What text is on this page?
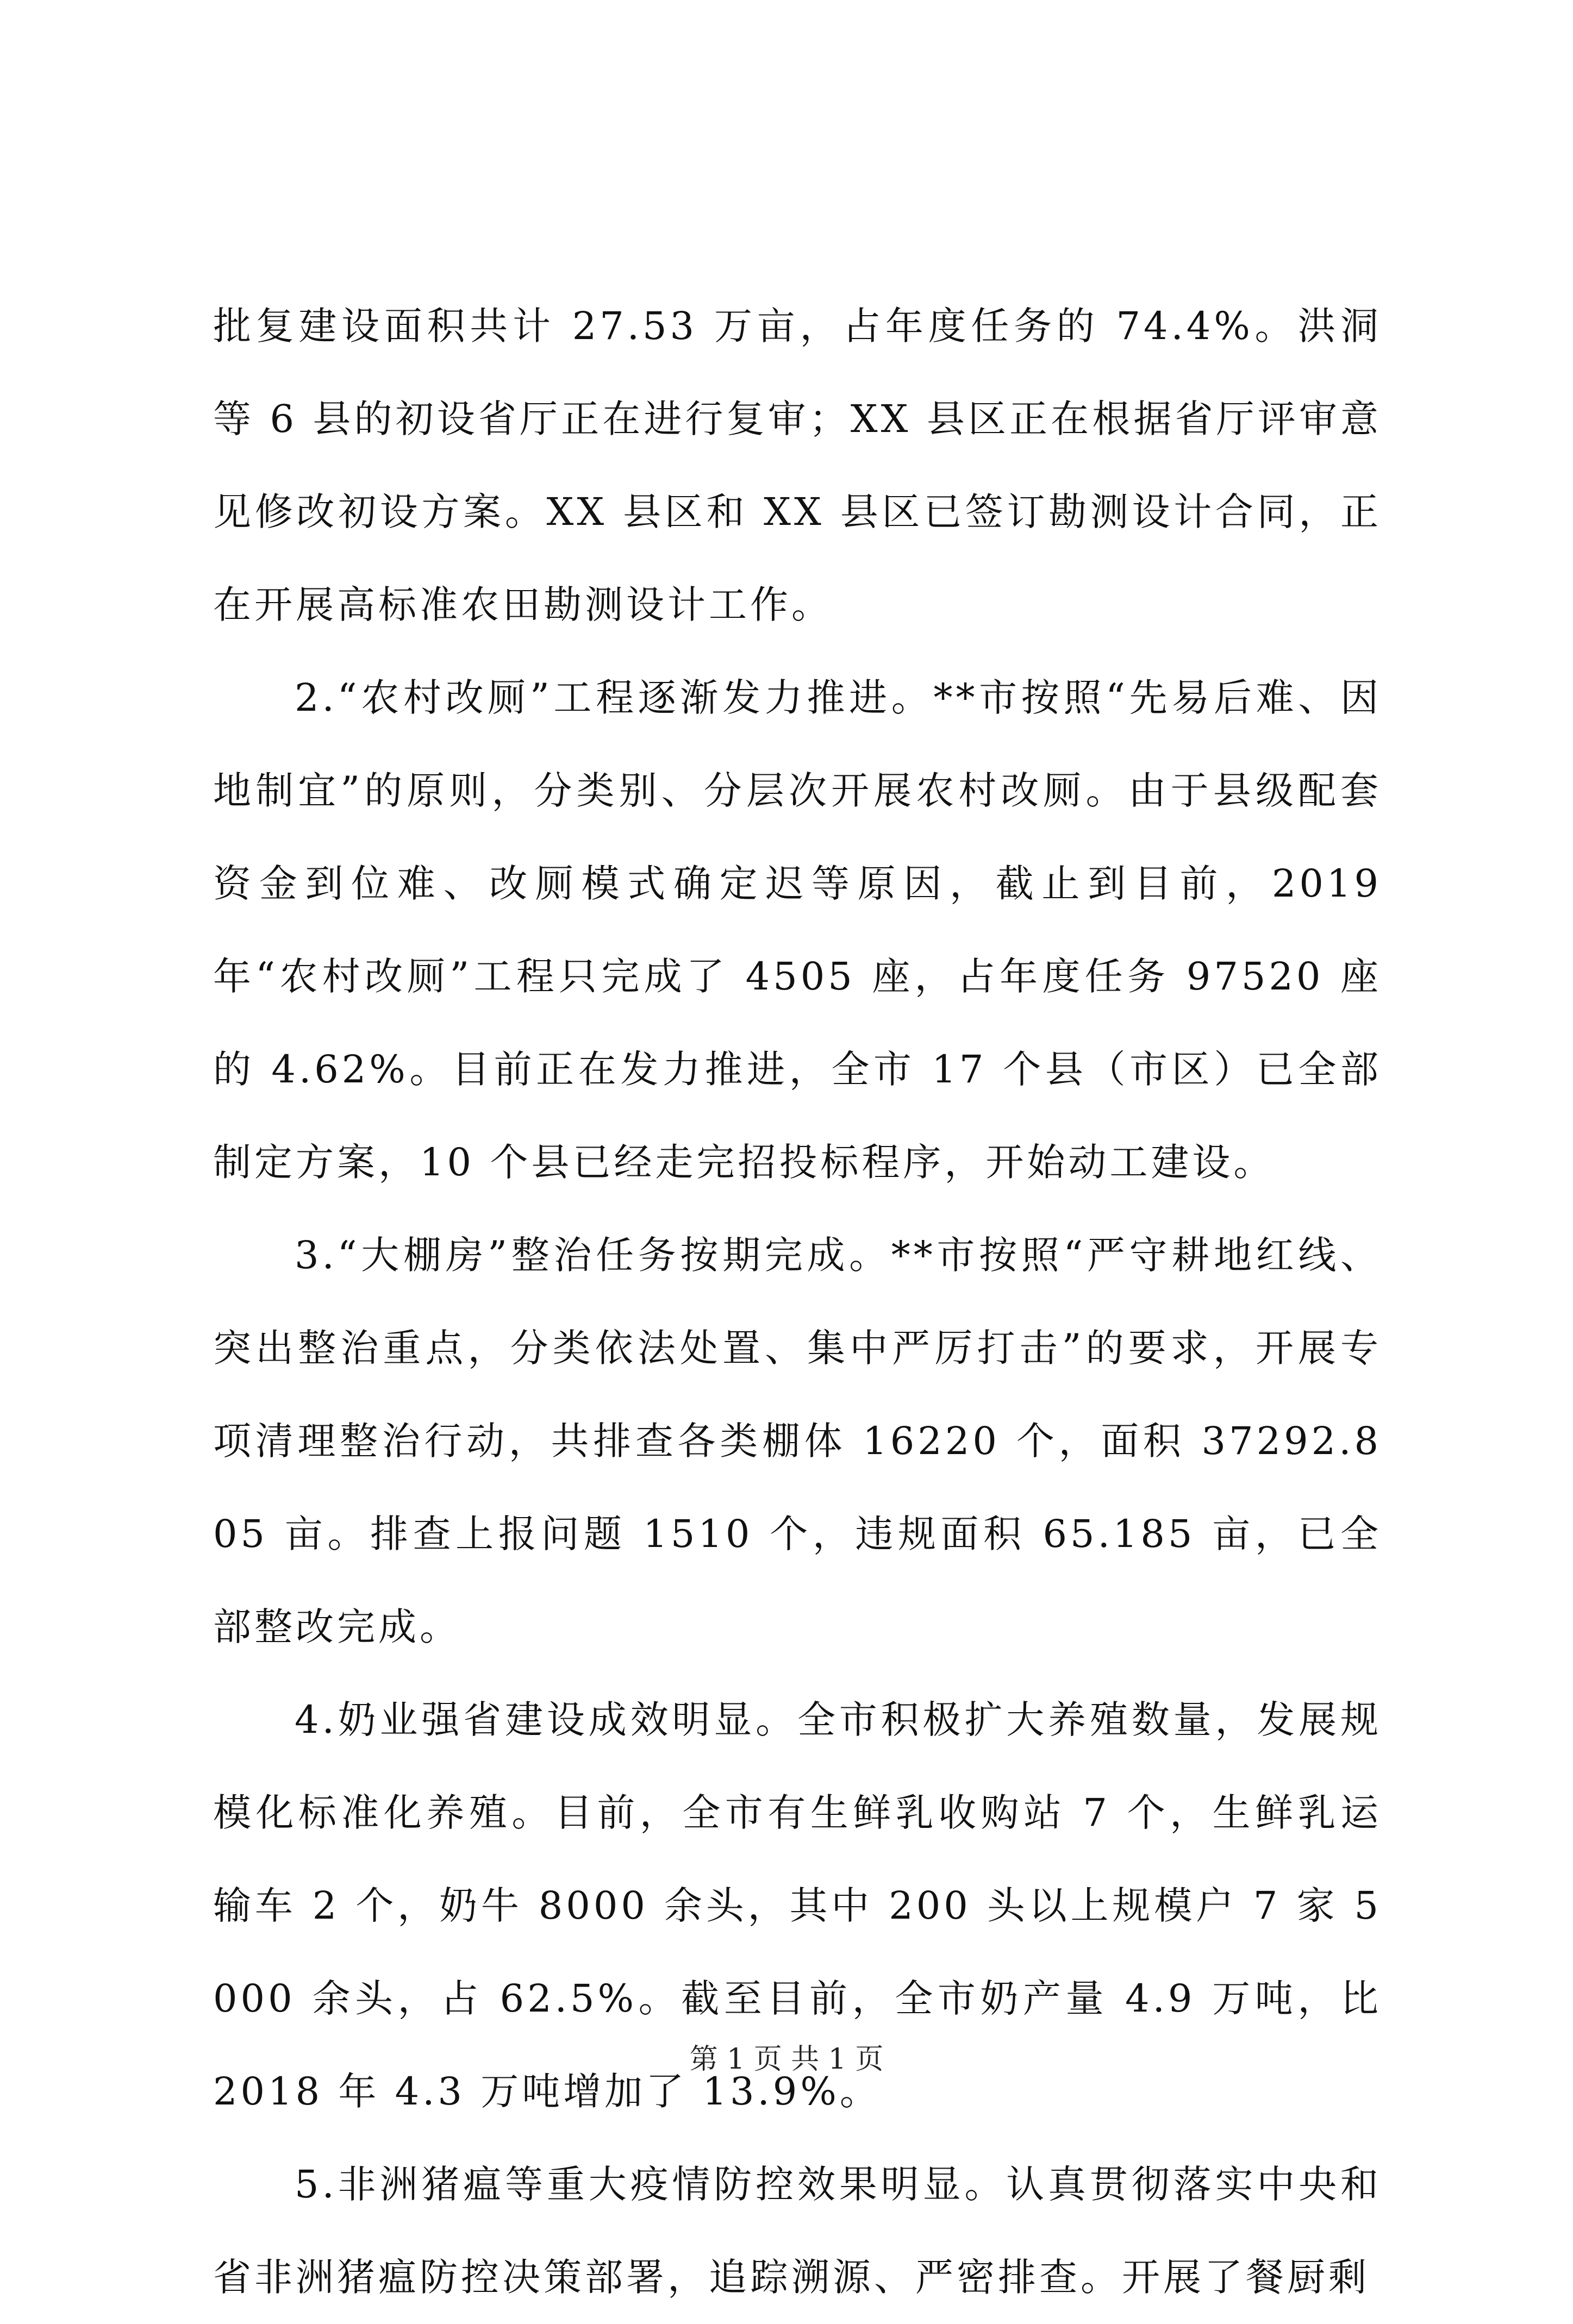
批复建设面积共计 27.53 万亩，占年度任务的 74.4%。洪洞等 6 县的初设省厅正在进行复审；XX 县区正在根据省厅评审意见修改初设方案。XX 县区和 XX 县区已签订勘测设计合同，正在开展高标准农田勘测设计工作。

2.“农村改厕”工程逐渐发力推进。**市按照“先易后难、因地制宜”的原则，分类别、分层次开展农村改厕。由于县级配套资金到位难、改厕模式确定迟等原因，截止到目前，2019 年“农村改厕”工程只完成了 4505 座，占年度任务 97520 座的 4.62%。目前正在发力推进，全市 17 个县（市区）已全部制定方案，10 个县已经走完招投标程序，开始动工建设。

3.“大棚房”整治任务按期完成。**市按照“严守耕地红线、突出整治重点，分类依法处置、集中严厉打击”的要求，开展专项清理整治行动，共排查各类棚体 16220 个，面积 37292.805 亩。排查上报问题 1510 个，违规面积 65.185 亩，已全部整改完成。

4.奶业强省建设成效明显。全市积极扩大养殖数量，发展规模化标准化养殖。目前，全市有生鲜乳收购站 7 个，生鲜乳运输车 2 个，奶牛 8000 余头，其中 200 头以上规模户 7 家 5000 余头，占 62.5%。截至目前，全市奶产量 4.9 万吨，比 2018 年 4.3 万吨增加了 13.9%。

5.非洲猪瘟等重大疫情防控效果明显。认真贯彻落实中央和省非洲猪瘟防控决策部署，追踪溯源、严密排查。开展了餐厨剩

第 1 页 共 1 页
